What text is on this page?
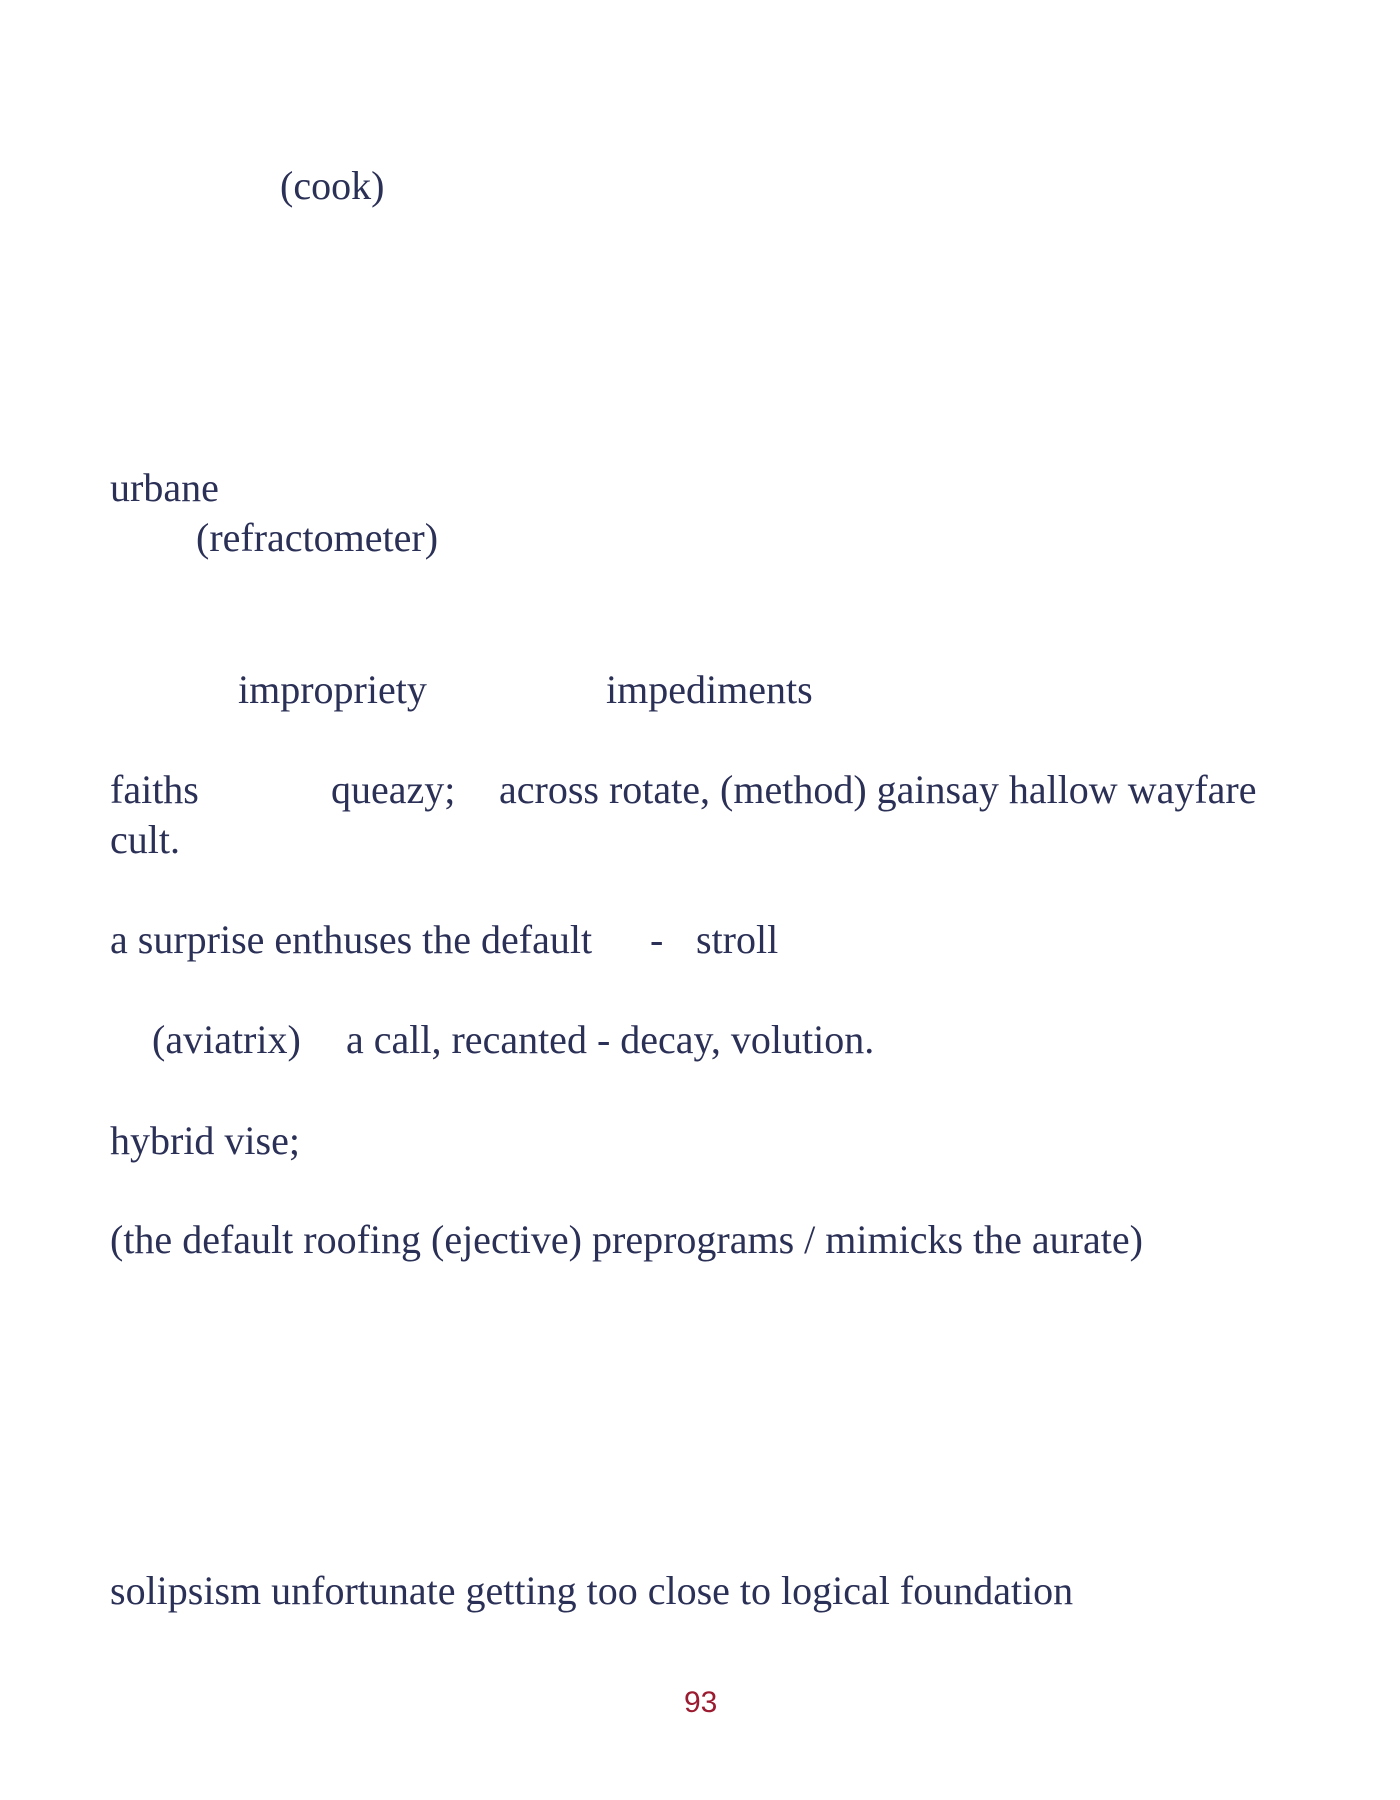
(cook)

urbane

(refractometer)

impropriety	impediments

faiths	queazy; across rotate, (method) gainsay hallow wayfare

cult.

a surprise enthuses the default - stroll

(aviatrix) a call, recanted - decay, volution.

hybrid vise;

(the default roofing (ejective) preprograms / mimicks the aurate)

solipsism unfortunate getting too close to logical foundation

93
